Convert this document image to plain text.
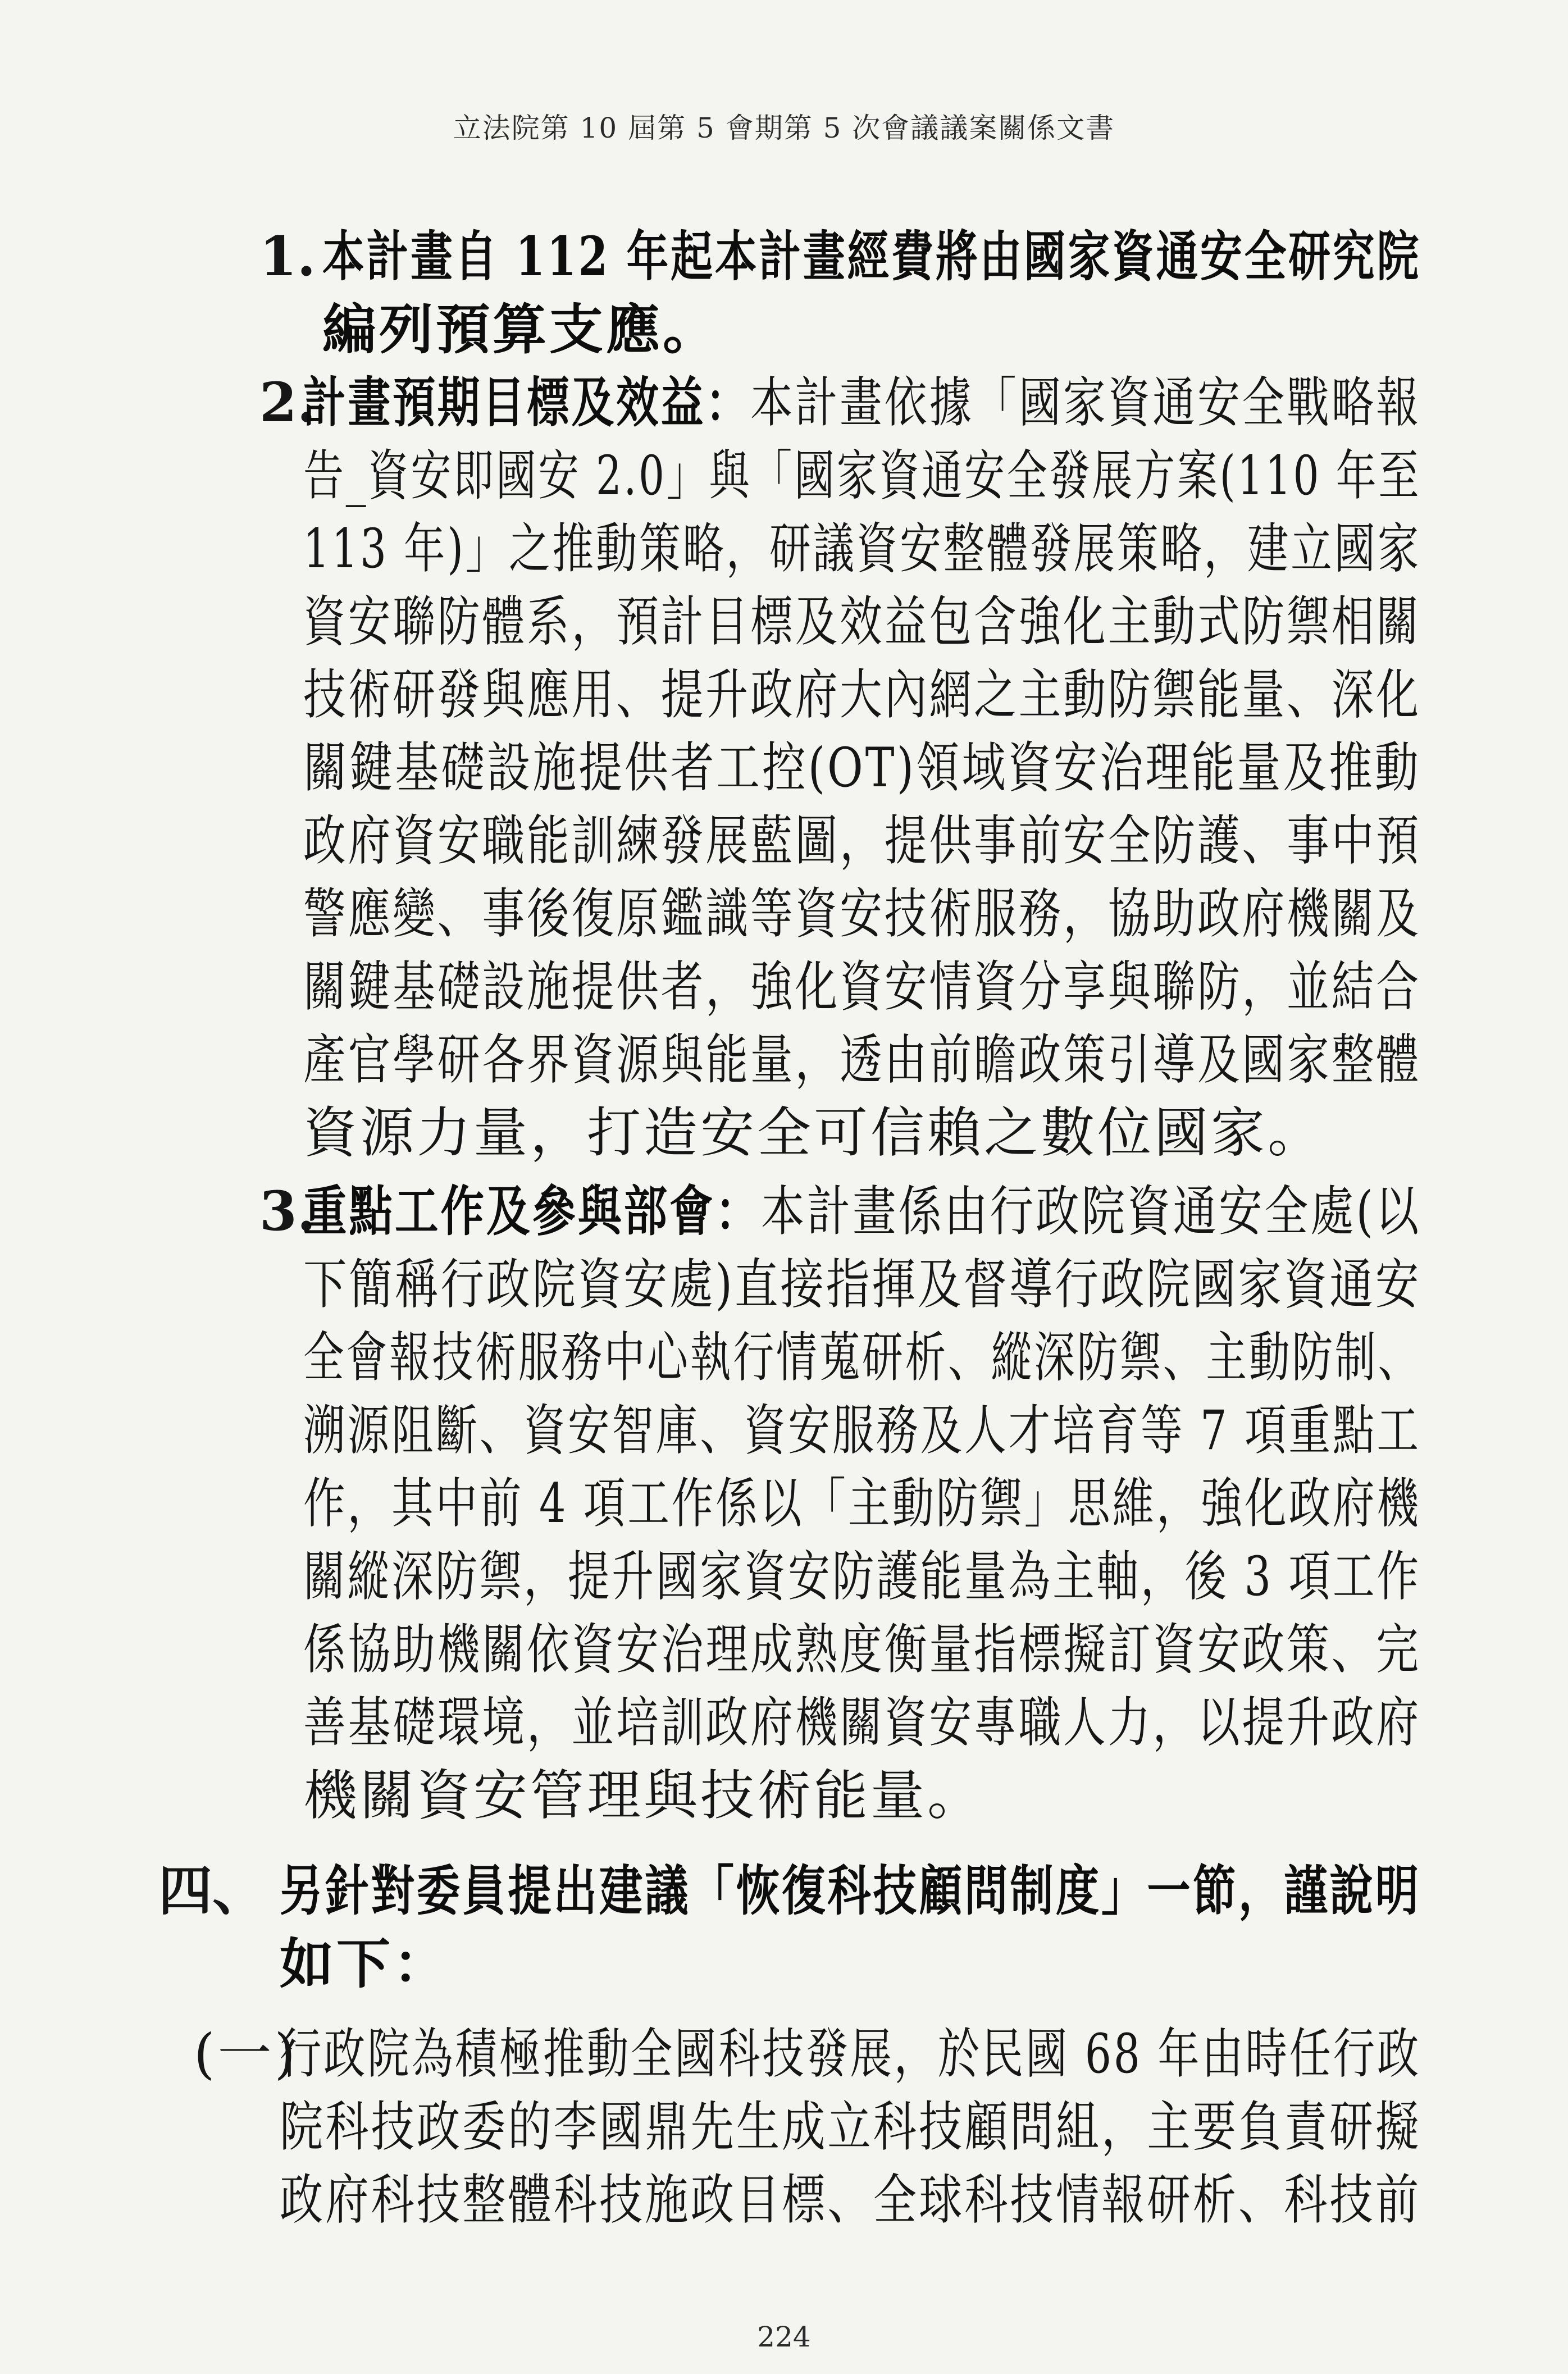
立法院第 10 屆第 5 會期第 5 次會議議案關係文書
1. 本計畫自 112 年起本計畫經費將由國家資通安全研究院
編列預算支應。
2.
計畫預期目標及效益：本計畫依據「國家資通安全戰略報
告_資安即國安 2.0」與「國家資通安全發展方案(110 年至
113 年)」之推動策略，研議資安整體發展策略，建立國家
資安聯防體系，預計目標及效益包含強化主動式防禦相關
技術研發與應用、提升政府大內網之主動防禦能量、深化
關鍵基礎設施提供者工控(OT)領域資安治理能量及推動
政府資安職能訓練發展藍圖，提供事前安全防護、事中預
警應變、事後復原鑑識等資安技術服務，協助政府機關及
關鍵基礎設施提供者，強化資安情資分享與聯防，並結合
產官學研各界資源與能量，透由前瞻政策引導及國家整體
資源力量，打造安全可信賴之數位國家。
3.
重點工作及參與部會：本計畫係由行政院資通安全處(以
下簡稱行政院資安處)直接指揮及督導行政院國家資通安
全會報技術服務中心執行情蒐研析、縱深防禦、主動防制、
溯源阻斷、資安智庫、資安服務及人才培育等 7 項重點工
作，其中前 4 項工作係以「主動防禦」思維，強化政府機
關縱深防禦，提升國家資安防護能量為主軸，後 3 項工作
係協助機關依資安治理成熟度衡量指標擬訂資安政策、完
善基礎環境，並培訓政府機關資安專職人力，以提升政府
機關資安管理與技術能量。
四、 另針對委員提出建議「恢復科技顧問制度」一節，謹說明
如下：
(一)
行政院為積極推動全國科技發展，於民國 68 年由時任行政
院科技政委的李國鼎先生成立科技顧問組，主要負責研擬
政府科技整體科技施政目標、全球科技情報研析、科技前
224
